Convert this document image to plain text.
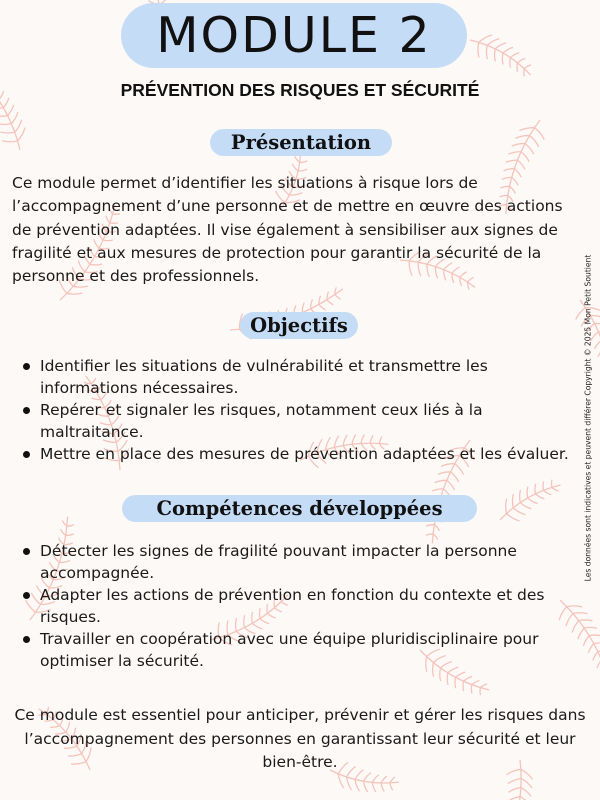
MODULE 2
PRÉVENTION DES RISQUES ET SÉCURITÉ
Présentation

Ce module permet d’identifier les situations à risque lors de l’accompagnement d’une personne et de mettre en œuvre des actions de prévention adaptées. Il vise également à sensibiliser aux signes de fragilité et aux mesures de protection pour garantir la sécurité de la personne et des professionnels.

Objectifs
Identifier les situations de vulnérabilité et transmettre les informations nécessaires.
Repérer et signaler les risques, notamment ceux liés à la maltraitance.
Mettre en place des mesures de prévention adaptées et les évaluer.
Compétences développées
Détecter les signes de fragilité pouvant impacter la personne accompagnée.
Adapter les actions de prévention en fonction du contexte et des risques.
Travailler en coopération avec une équipe pluridisciplinaire pour optimiser la sécurité.

Ce module est essentiel pour anticiper, prévenir et gérer les risques dans l’accompagnement des personnes en garantissant leur sécurité et leur bien-être.

Les données sont indicatives et peuvent différer Copyright © 2025 Mon Petit Soutient
